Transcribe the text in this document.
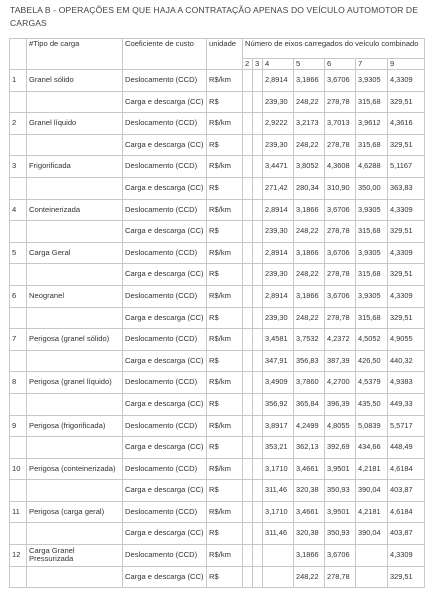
TABELA B - OPERAÇÕES EM QUE HAJA A CONTRATAÇÃO APENAS DO VEÍCULO AUTOMOTOR DE CARGAS
	#Tipo de carga	Coeficiente de custo	unidade	Número de eixos carregados do veículo combinado						
				2	3	4	5	6	7	9
1	Granel sólido	Deslocamento (CCD)	R$/km			2,8914	3,1866	3,6706	3,9305	4,3309
		Carga e descarga (CC)	R$			239,30	248,22	278,78	315,68	329,51
2	Granel líquido	Deslocamento (CCD)	R$/km			2,9222	3,2173	3,7013	3,9612	4,3616
		Carga e descarga (CC)	R$			239,30	248,22	278,78	315,68	329,51
3	Frigorificada	Deslocamento (CCD)	R$/km			3,4471	3,8052	4,3608	4,6288	5,1167
		Carga e descarga (CC)	R$			271,42	280,34	310,90	350,00	363,83
4	Conteinerizada	Deslocamento (CCD)	R$/km			2,8914	3,1866	3,6706	3,9305	4,3309
		Carga e descarga (CC)	R$			239,30	248,22	278,78	315,68	329,51
5	Carga Geral	Deslocamento (CCD)	R$/km			2,8914	3,1866	3,6706	3,9305	4,3309
		Carga e descarga (CC)	R$			239,30	248,22	278,78	315,68	329,51
6	Neogranel	Deslocamento (CCD)	R$/km			2,8914	3,1866	3,6706	3,9305	4,3309
		Carga e descarga (CC)	R$			239,30	248,22	278,78	315,68	329,51
7	Perigosa (granel sólido)	Deslocamento (CCD)	R$/km			3,4581	3,7532	4,2372	4,5052	4,9055
		Carga e descarga (CC)	R$			347,91	356,83	387,39	426,50	440,32
8	Perigosa (granel líquido)	Deslocamento (CCD)	R$/km			3,4909	3,7860	4,2700	4,5379	4,9383
		Carga e descarga (CC)	R$			356,92	365,84	396,39	435,50	449,33
9	Perigosa (frigorificada)	Deslocamento (CCD)	R$/km			3,8917	4,2499	4,8055	5,0839	5,5717
		Carga e descarga (CC)	R$			353,21	362,13	392,69	434,66	448,49
10	Perigosa (conteinerizada)	Deslocamento (CCD)	R$/km			3,1710	3,4661	3,9501	4,2181	4,6184
		Carga e descarga (CC)	R$			311,46	320,38	350,93	390,04	403,87
11	Perigosa (carga geral)	Deslocamento (CCD)	R$/km			3,1710	3,4661	3,9501	4,2181	4,6184
		Carga e descarga (CC)	R$			311,46	320,38	350,93	390,04	403,87
12	Carga Granel Pressurizada	Deslocamento (CCD)	R$/km				3,1866	3,6706		4,3309
		Carga e descarga (CC)	R$				248,22	278,78		329,51
